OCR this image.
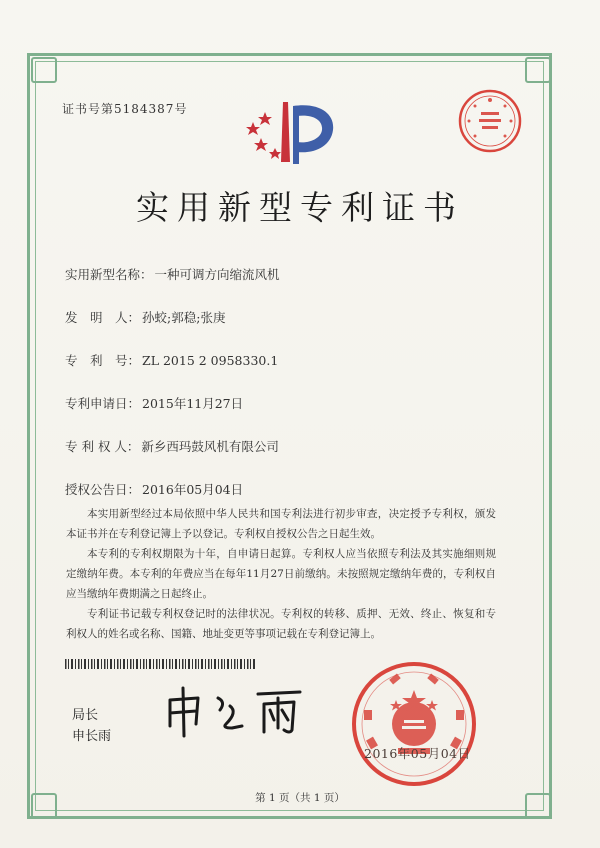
证书号第5184387号
实用新型专利证书
实用新型名称： 一种可调方向缩流风机
发　明　人： 孙蛟;郭稳;张庚
专　利　号： ZL 2015 2 0958330.1
专利申请日： 2015年11月27日
专 利 权 人： 新乡西玛鼓风机有限公司
授权公告日： 2016年05月04日
本实用新型经过本局依照中华人民共和国专利法进行初步审查，决定授予专利权，颁发本证书并在专利登记簿上予以登记。专利权自授权公告之日起生效。
本专利的专利权期限为十年，自申请日起算。专利权人应当依照专利法及其实施细则规定缴纳年费。本专利的年费应当在每年11月27日前缴纳。未按照规定缴纳年费的，专利权自应当缴纳年费期满之日起终止。
专利证书记载专利权登记时的法律状况。专利权的转移、质押、无效、终止、恢复和专利权人的姓名或名称、国籍、地址变更等事项记载在专利登记簿上。
局长
申长雨
2016年05月04日
第 1 页（共 1 页）
